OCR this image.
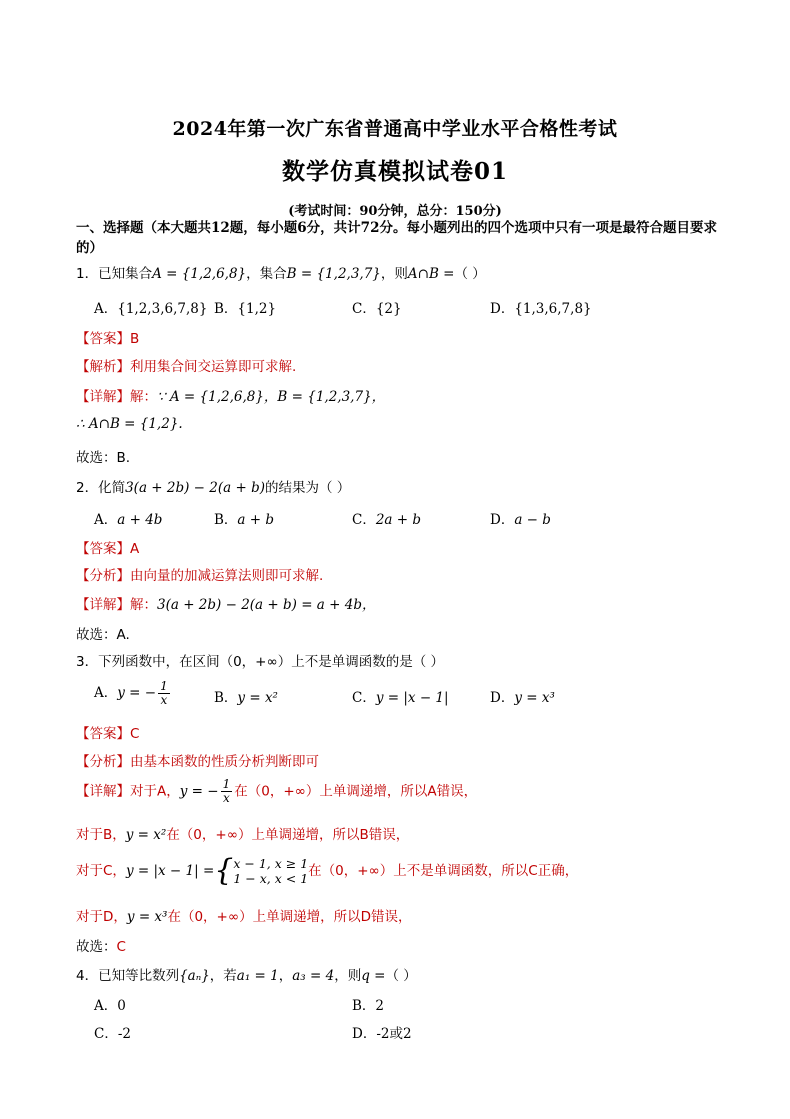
2024年第一次广东省普通高中学业水平合格性考试
数学仿真模拟试卷01
(考试时间：90分钟，总分：150分)
一、选择题（本大题共12题，每小题6分，共计72分。每小题列出的四个选项中只有一项是最符合题目要求的）
1．已知集合A = {1,2,6,8}，集合B = {1,2,3,7}，则A∩B =（ ）
A．{1,2,3,6,7,8} B．{1,2}	C．{2}	D．{1,3,6,7,8}
【答案】B
【解析】利用集合间交运算即可求解.
【详解】解：∵ A = {1,2,6,8}，B = {1,2,3,7}，
∴ A∩B = {1,2}.
故选：B.
2．化简3(a + 2b) − 2(a + b)的结果为（ ）
A．a + 4b	B．a + b	C．2a + b	D．a − b
【答案】A
【分析】由向量的加减运算法则即可求解.
【详解】解：3(a + 2b) − 2(a + b) = a + 4b，
故选：A.
3．下列函数中，在区间（0，+∞）上不是单调函数的是（ ）
A．y = − $\frac{1}{x}$	B．y = x²	C．y = |x − 1|	D．y = x³
【答案】C
【分析】由基本函数的性质分析判断即可
【详解】对于A，y = − $\frac{1}{x}$ 在（0，+∞）上单调递增，所以A错误，
对于B，y = x²在（0，+∞）上单调递增，所以B错误，
对于C，y = |x − 1| ={ x − 1, x ≥ 1
1 − x, x < 1 在（0，+∞）上不是单调函数，所以C正确，
对于D，y = x³在（0，+∞）上单调递增，所以D错误，
故选：C
4．已知等比数列{aₙ}，若a₁ = 1，a₃ = 4，则q =（ ）
A．0	B．2
C．-2	D．-2或2
